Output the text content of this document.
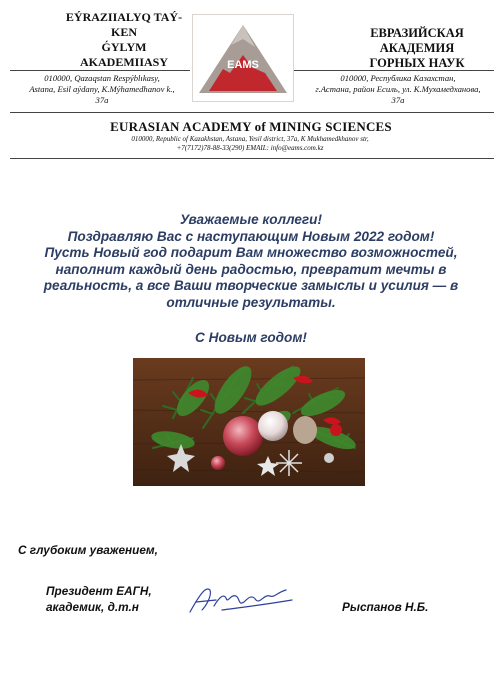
EÝRAZIIALYQ TAÝ-
KEN
ǴYLYM
AKADEMIIASY	EAMS
ЕВРАЗИЙСКАЯ
АКАДЕМИЯ
ГОРНЫХ НАУК
010000, Qazaqstan Respýblıkasy,
Astana, Esil aýdany, K.Mýhamedhanov k.,
37a
010000, Республика Казахстан,
г.Астана, район Есиль, ул. К.Мухамедханова,
37а
EURASIAN ACADEMY of MINING SCIENCES
010000, Republic of Kazakhstan, Astana, Yesil district, 37a, K Mukhamedkhanov str,
+7(7172)78-88-33(290) EMAIL: info@eams.com.kz
Уважаемые коллеги!
Поздравляю Вас с наступающим Новым 2022 годом!
Пусть Новый год подарит Вам множество возможностей,
наполнит каждый день радостью, превратит мечты в
реальность, а все Ваши творческие замыслы и усилия — в
отличные результаты.
С Новым годом!
С глубоким уважением,
Президент ЕАГН,
академик, д.т.н	Рыспанов Н.Б.
